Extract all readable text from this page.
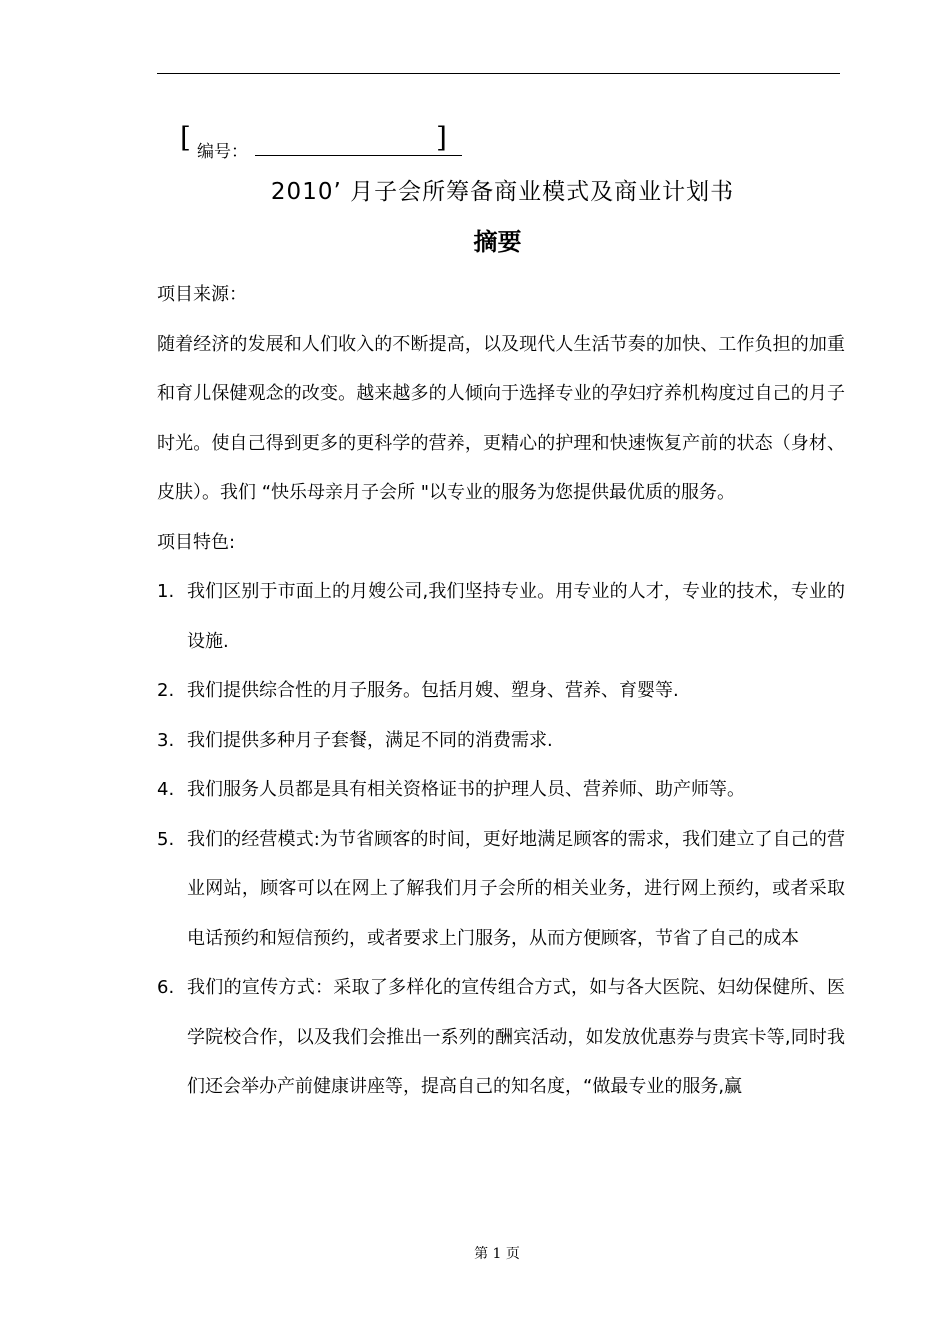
[ 编号：	]
2010’ 月子会所筹备商业模式及商业计划书
摘要

项目来源：

随着经济的发展和人们收入的不断提高，以及现代人生活节奏的加快、工作负担的加重和育儿保健观念的改变。越来越多的人倾向于选择专业的孕妇疗养机构度过自己的月子时光。使自己得到更多的更科学的营养，更精心的护理和快速恢复产前的状态（身材、皮肤）。我们 “快乐母亲月子会所 "以专业的服务为您提供最优质的服务。

项目特色:

1. 我们区别于市面上的月嫂公司,我们坚持专业。用专业的人才，专业的技术，专业的设施.
2. 我们提供综合性的月子服务。包括月嫂、塑身、营养、育婴等.
3. 我们提供多种月子套餐，满足不同的消费需求.
4. 我们服务人员都是具有相关资格证书的护理人员、营养师、助产师等。
5. 我们的经营模式:为节省顾客的时间，更好地满足顾客的需求，我们建立了自己的营业网站，顾客可以在网上了解我们月子会所的相关业务，进行网上预约，或者采取电话预约和短信预约，或者要求上门服务，从而方便顾客，节省了自己的成本
6. 我们的宣传方式：采取了多样化的宣传组合方式，如与各大医院、妇幼保健所、医学院校合作，以及我们会推出一系列的酬宾活动，如发放优惠券与贵宾卡等,同时我们还会举办产前健康讲座等，提高自己的知名度，“做最专业的服务,赢
第 1 页
